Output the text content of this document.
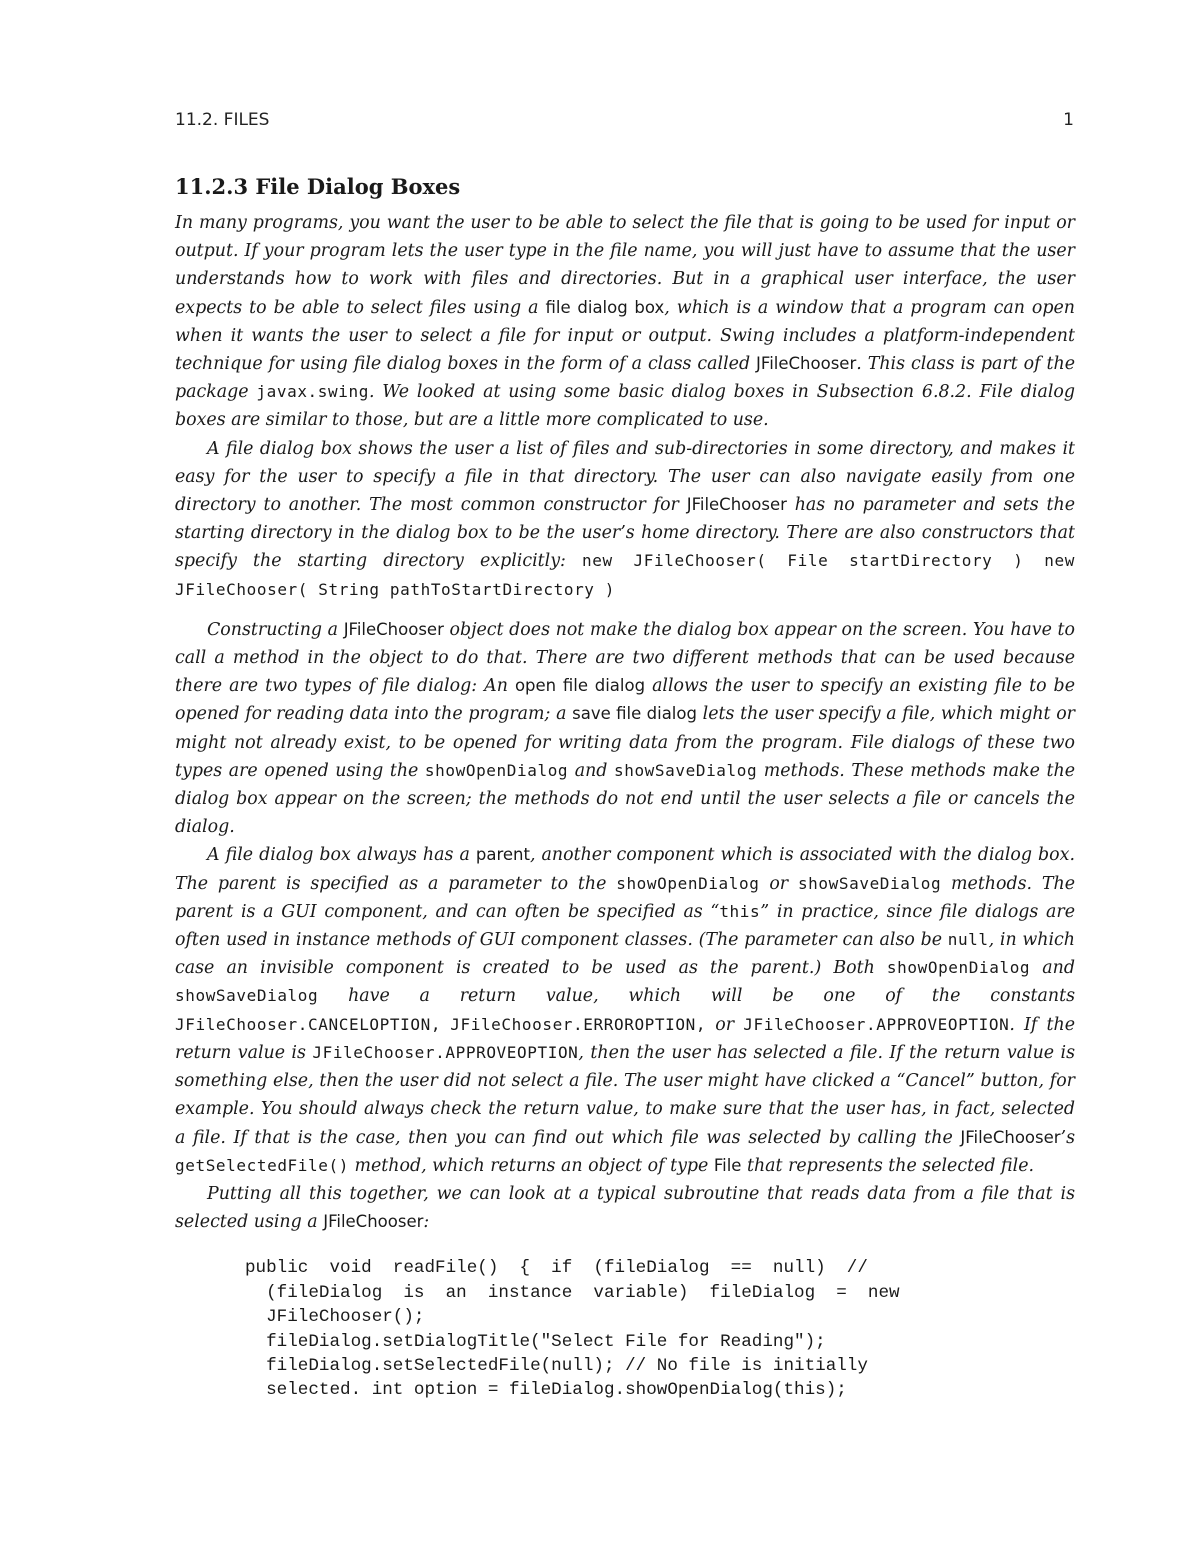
11.2. FILES	1
11.2.3 File Dialog Boxes

In many programs, you want the user to be able to select the file that is going to be used for input or output. If your program lets the user type in the file name, you will just have to assume that the user understands how to work with files and directories. But in a graphical user interface, the user expects to be able to select files using a file dialog box, which is a window that a program can open when it wants the user to select a file for input or output. Swing includes a platform-independent technique for using file dialog boxes in the form of a class called JFileChooser. This class is part of the package javax.swing. We looked at using some basic dialog boxes in Subsection 6.8.2. File dialog boxes are similar to those, but are a little more complicated to use.

A file dialog box shows the user a list of files and sub-directories in some directory, and makes it easy for the user to specify a file in that directory. The user can also navigate easily from one directory to another. The most common constructor for JFileChooser has no parameter and sets the starting directory in the dialog box to be the user’s home directory. There are also constructors that specify the starting directory explicitly: new JFileChooser( File startDirectory ) new JFileChooser( String pathToStartDirectory )

Constructing a JFileChooser object does not make the dialog box appear on the screen. You have to call a method in the object to do that. There are two different methods that can be used because there are two types of file dialog: An open file dialog allows the user to specify an existing file to be opened for reading data into the program; a save file dialog lets the user specify a file, which might or might not already exist, to be opened for writing data from the program. File dialogs of these two types are opened using the showOpenDialog and showSaveDialog methods. These methods make the dialog box appear on the screen; the methods do not end until the user selects a file or cancels the dialog.

A file dialog box always has a parent, another component which is associated with the dialog box. The parent is specified as a parameter to the showOpenDialog or showSaveDialog methods. The parent is a GUI component, and can often be specified as “this” in practice, since file dialogs are often used in instance methods of GUI component classes. (The parameter can also be null, in which case an invisible component is created to be used as the parent.) Both showOpenDialog and showSaveDialog have a return value, which will be one of the constants JFileChooser.CANCELOPTION, JFileChooser.ERROROPTION, or JFileChooser.APPROVEOPTION. If the return value is JFileChooser.APPROVEOPTION, then the user has selected a file. If the return value is something else, then the user did not select a file. The user might have clicked a “Cancel” button, for example. You should always check the return value, to make sure that the user has, in fact, selected a file. If that is the case, then you can find out which file was selected by calling the JFileChooser’s getSelectedFile() method, which returns an object of type File that represents the selected file.

Putting all this together, we can look at a typical subroutine that reads data from a file that is selected using a JFileChooser:

public  void  readFile()  {  if  (fileDialog  ==  null)  //
(fileDialog  is  an  instance  variable)  fileDialog  =  new
JFileChooser();
fileDialog.setDialogTitle("Select File for Reading");
fileDialog.setSelectedFile(null); // No file is initially
selected. int option = fileDialog.showOpenDialog(this);
